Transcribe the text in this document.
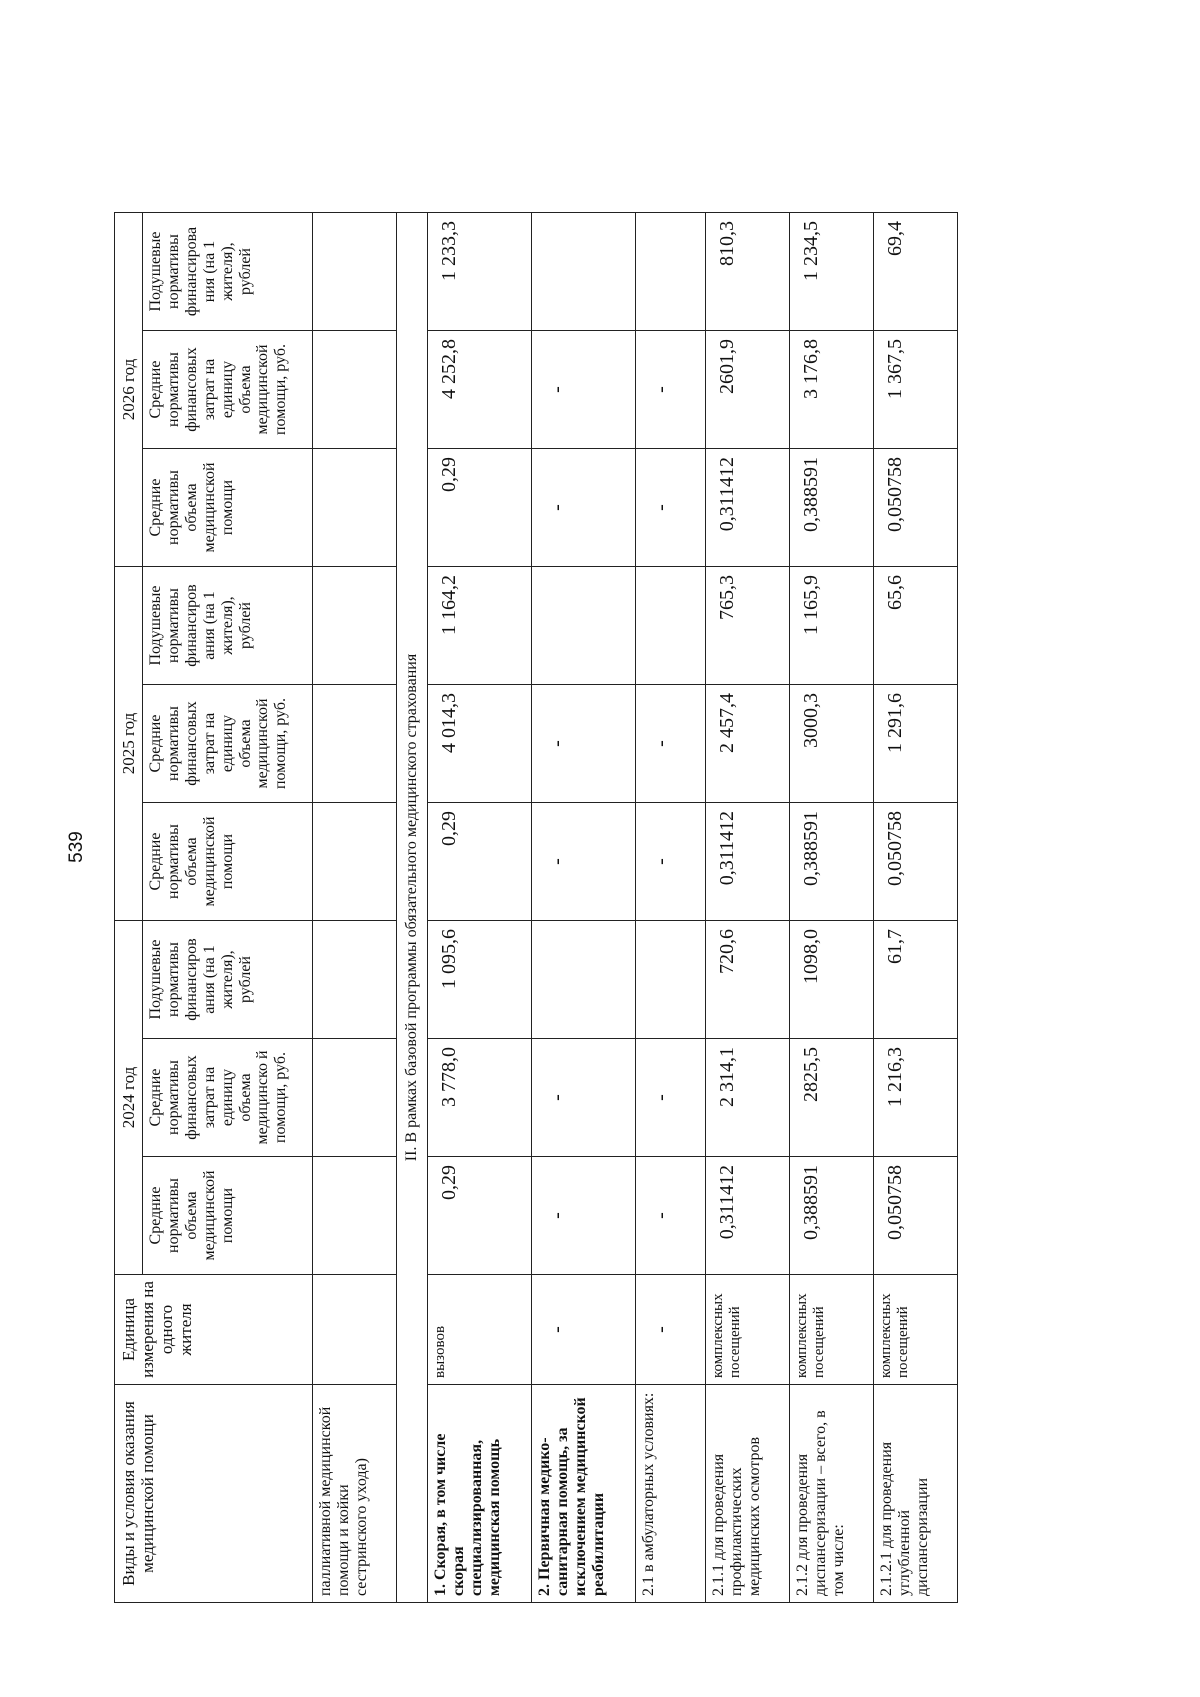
539
Виды и условия оказания медицинской помощи	Единица измерения на одного жителя	2024 год			2025 год			2026 год		
		Средние нормативы объема медицинской помощи	Средние нормативы финансовых затрат на единицу объема медицинско й помощи, руб.	Подушевые нормативы финансиров ания (на 1 жителя), рублей	Средние нормативы объема медицинской помощи	Средние нормативы финансовых затрат на единицу объема медицинской помощи, руб.	Подушевые нормативы финансиров ания (на 1 жителя), рублей	Средние нормативы объема медицинской помощи	Средние нормативы финансовых затрат на единицу объема медицинской помощи, руб.	Подушевые нормативы финансирова ния (на 1 жителя), рублей
паллиативной медицинской помощи и койки сестринского ухода)										
II. В рамках базовой программы обязательного медицинского страхования										
1. Скорая, в том числе скорая специализированная, медицинская помощь	вызовов	0,29	3 778,0	1 095,6	0,29	4 014,3	1 164,2	0,29	4 252,8	1 233,3
2. Первичная медико-санитарная помощь, за исключением медицинской реабилитации	-	-	-		-	-		-	-	
2.1 в амбулаторных условиях:	-	-	-		-	-		-	-	
2.1.1 для проведения профилактических медицинских осмотров	комплексных посещений	0,311412	2 314,1	720,6	0,311412	2 457,4	765,3	0,311412	2601,9	810,3
2.1.2 для проведения диспансеризации – всего, в том числе:	комплексных посещений	0,388591	2825,5	1098,0	0,388591	3000,3	1 165,9	0,388591	3 176,8	1 234,5
2.1.2.1 для проведения углубленной диспансеризации	комплексных посещений	0,050758	1 216,3	61,7	0,050758	1 291,6	65,6	0,050758	1 367,5	69,4
